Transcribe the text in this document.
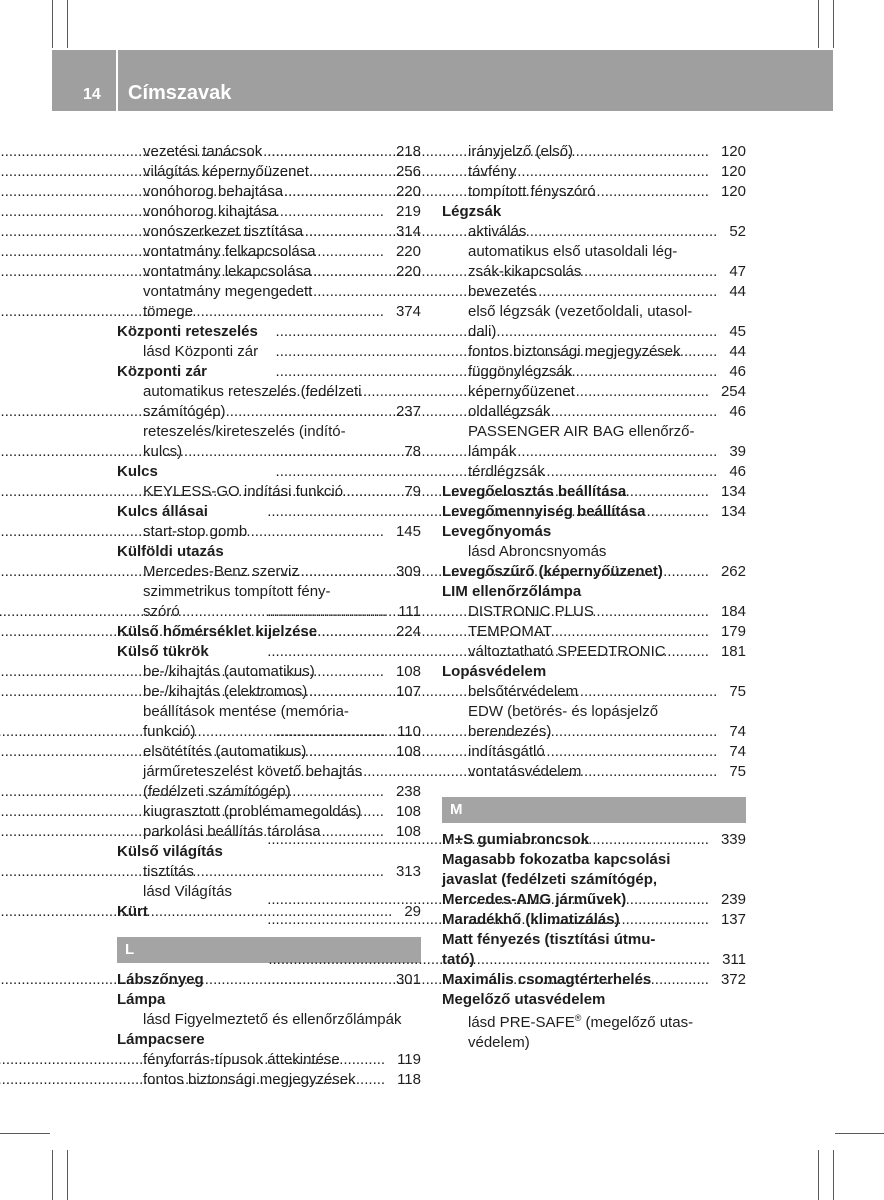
14 Címszavak
vezetési tanácsok .....	218
világítás képernyőüzenet .....	256
vonóhorog behajtása .....	220
vonóhorog kihajtása .....	219
vonószerkezet tisztítása .....	314
vontatmány felkapcsolása .....	220
vontatmány lekapcsolása .....	220
vontatmány megengedett
tömege .....	374
Központi reteszelés
lásd Központi zár
Központi zár
automatikus reteszelés (fedélzeti
számítógép) .....	237
reteszelés/kireteszelés (indító-
kulcs) .....	78
Kulcs
KEYLESS-GO indítási funkció .....	79
Kulcs állásai
start-stop gomb .....	145
Külföldi utazás
Mercedes-Benz szerviz .....	309
szimmetrikus tompított fény-
szóró .....	111
Külső hőmérséklet kijelzése .....	224
Külső tükrök
be-/kihajtás (automatikus) .....	108
be-/kihajtás (elektromos) .....	107
beállítások mentése (memória-
funkció) .....	110
elsötétítés (automatikus) .....	108
járműreteszelést követő behajtás
(fedélzeti számítógép) .....	238
kiugrasztott (problémamegoldás) ..... 108
parkolási beállítás tárolása .....	108
Külső világítás
tisztítás .....	313
lásd Világítás
Kürt .....	29
L
Lábszőnyeg .....	301
Lámpa
lásd Figyelmeztető és ellenőrzőlámpák
Lámpacsere
fényforrás-típusok áttekintése .....	119
fontos biztonsági megjegyzések .....	118
irányjelző (első) .....	120
távfény .....	120
tompított fényszóró .....	120
Légzsák
aktiválás .....	52
automatikus első utasoldali lég-
zsák-kikapcsolás .....	47
bevezetés .....	44
első légzsák (vezetőoldali, utasol-
dali) .....	45
fontos biztonsági megjegyzések .....	44
függönylégzsák .....	46
képernyőüzenet .....	254
oldallégzsák .....	46
PASSENGER AIR BAG ellenőrző-
lámpák .....	39
térdlégzsák .....	46
Levegőelosztás beállítása .....	134
Levegőmennyiség beállítása .....	134
Levegőnyomás
lásd Abroncsnyomás
Levegőszűrő (képernyőüzenet) .....	262
LIM ellenőrzőlámpa
DISTRONIC PLUS .....	184
TEMPOMAT .....	179
változtatható SPEEDTRONIC .....	181
Lopásvédelem
belsőtérvédelem .....	75
EDW (betörés- és lopásjelző
berendezés) .....	74
indításgátló .....	74
vontatásvédelem .....	75
M
M+S gumiabroncsok .....	339
Magasabb fokozatba kapcsolási
javaslat (fedélzeti számítógép,
Mercedes-AMG járművek) .....	239
Maradékhő (klimatizálás) .....	137
Matt fényezés (tisztítási útmu-
tató) .....	311
Maximális csomagtérterhelés .....	372
Megelőző utasvédelem
lásd PRE-SAFE® (megelőző utas-
védelem)
